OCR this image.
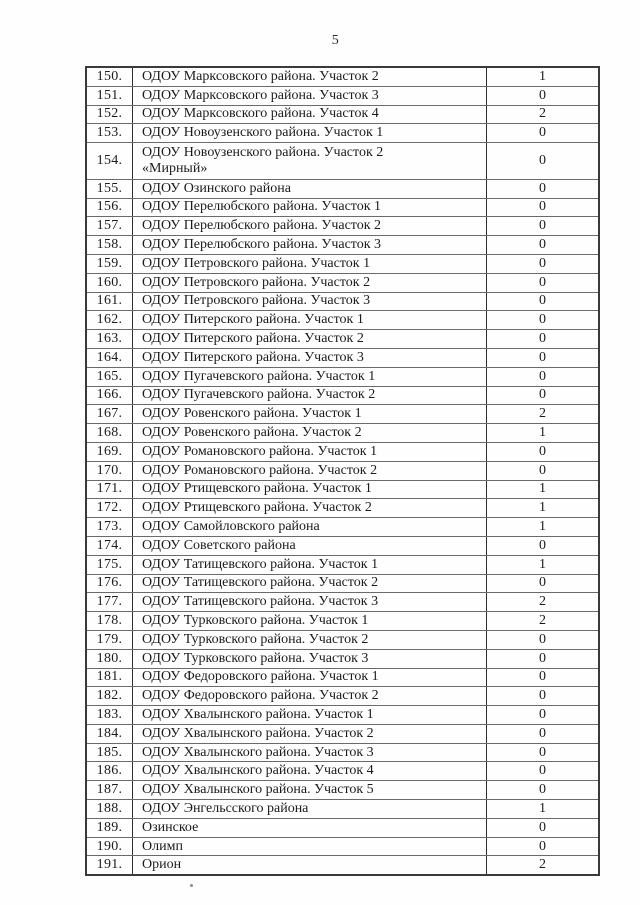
5
150.	ОДОУ Марксовского района. Участок 2	1
151.	ОДОУ Марксовского района. Участок 3	0
152.	ОДОУ Марксовского района. Участок 4	2
153.	ОДОУ Новоузенского района. Участок 1	0
154.	ОДОУ Новоузенского района. Участок 2
«Мирный»	0
155.	ОДОУ Озинского района	0
156.	ОДОУ Перелюбского района. Участок 1	0
157.	ОДОУ Перелюбского района. Участок 2	0
158.	ОДОУ Перелюбского района. Участок 3	0
159.	ОДОУ Петровского района. Участок 1	0
160.	ОДОУ Петровского района. Участок 2	0
161.	ОДОУ Петровского района. Участок 3	0
162.	ОДОУ Питерского района. Участок 1	0
163.	ОДОУ Питерского района. Участок 2	0
164.	ОДОУ Питерского района. Участок 3	0
165.	ОДОУ Пугачевского района. Участок 1	0
166.	ОДОУ Пугачевского района. Участок 2	0
167.	ОДОУ Ровенского района. Участок 1	2
168.	ОДОУ Ровенского района. Участок 2	1
169.	ОДОУ Романовского района. Участок 1	0
170.	ОДОУ Романовского района. Участок 2	0
171.	ОДОУ Ртищевского района. Участок 1	1
172.	ОДОУ Ртищевского района. Участок 2	1
173.	ОДОУ Самойловского района	1
174.	ОДОУ Советского района	0
175.	ОДОУ Татищевского района. Участок 1	1
176.	ОДОУ Татищевского района. Участок 2	0
177.	ОДОУ Татищевского района. Участок 3	2
178.	ОДОУ Турковского района. Участок 1	2
179.	ОДОУ Турковского района. Участок 2	0
180.	ОДОУ Турковского района. Участок 3	0
181.	ОДОУ Федоровского района. Участок 1	0
182.	ОДОУ Федоровского района. Участок 2	0
183.	ОДОУ Хвалынского района. Участок 1	0
184.	ОДОУ Хвалынского района. Участок 2	0
185.	ОДОУ Хвалынского района. Участок 3	0
186.	ОДОУ Хвалынского района. Участок 4	0
187.	ОДОУ Хвалынского района. Участок 5	0
188.	ОДОУ Энгельсского района	1
189.	Озинское	0
190.	Олимп	0
191.	Орион	2
